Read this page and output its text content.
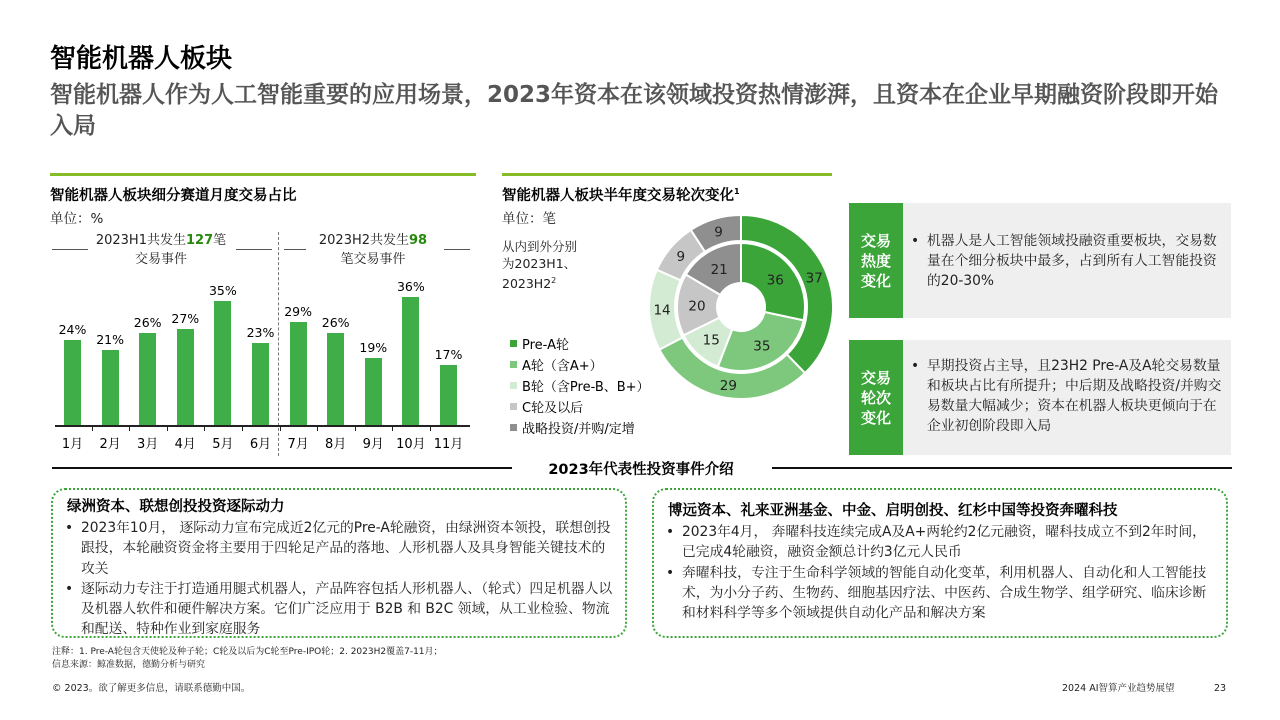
智能机器人板块
智能机器人作为人工智能重要的应用场景，2023年资本在该领域投资热情澎湃，且资本在企业早期融资阶段即开始入局
智能机器人板块细分赛道月度交易占比
单位：%
2023H1共发生127笔
交易事件
2023H2共发生98
笔交易事件
24%
1月
21%
2月
26%
3月
27%
4月
35%
5月
23%
6月
29%
7月
26%
8月
19%
9月
36%
10月
17%
11月
智能机器人板块半年度交易轮次变化$^1$
单位：笔
从内到外分别
为2023H1、
$2023H2^2$
Pre-A轮
A轮（含A+）
B轮（含Pre-B、B+）
C轮及以后
战略投资/并购/定增
36
35
15
20
21
37
29
14
9
9	交易
热度
变化
• 机器人是人工智能领域投融资重要板块，交易数量在个细分板块中最多，占到所有人工智能投资的20-30%
交易
轮次
变化
• 早期投资占主导，且23H2 Pre-A及A轮交易数量和板块占比有所提升；中后期及战略投资/并购交易数量大幅减少；资本在机器人板块更倾向于在企业初创阶段即入局
2023年代表性投资事件介绍
绿洲资本、联想创投投资逐际动力
• 2023年10月， 逐际动力宣布完成近2亿元的Pre-A轮融资，由绿洲资本领投，联想创投跟投，本轮融资资金将主要用于四轮足产品的落地、人形机器人及具身智能关键技术的攻关
• 逐际动力专注于打造通用腿式机器人，产品阵容包括人形机器人、（轮式）四足机器人以及机器人软件和硬件解决方案。它们广泛应用于 B2B 和 B2C 领域，从工业检验、物流和配送、特种作业到家庭服务
博远资本、礼来亚洲基金、中金、启明创投、红杉中国等投资奔曜科技
• 2023年4月， 奔曜科技连续完成A及A+两轮约2亿元融资，曜科技成立不到2年时间，已完成4轮融资，融资金额总计约3亿元人民币
• 奔曜科技，专注于生命科学领域的智能自动化变革，利用机器人、自动化和人工智能技术，为小分子药、生物药、细胞基因疗法、中医药、合成生物学、组学研究、临床诊断和材料科学等多个领域提供自动化产品和解决方案
注释：1. Pre-A轮包含天使轮及种子轮；C轮及以后为C轮至Pre-IPO轮；2. 2023H2覆盖7-11月；
信息来源：鲸准数据，德勤分析与研究
© 2023。欲了解更多信息，请联系德勤中国。	2024 AI智算产业趋势展望	23
